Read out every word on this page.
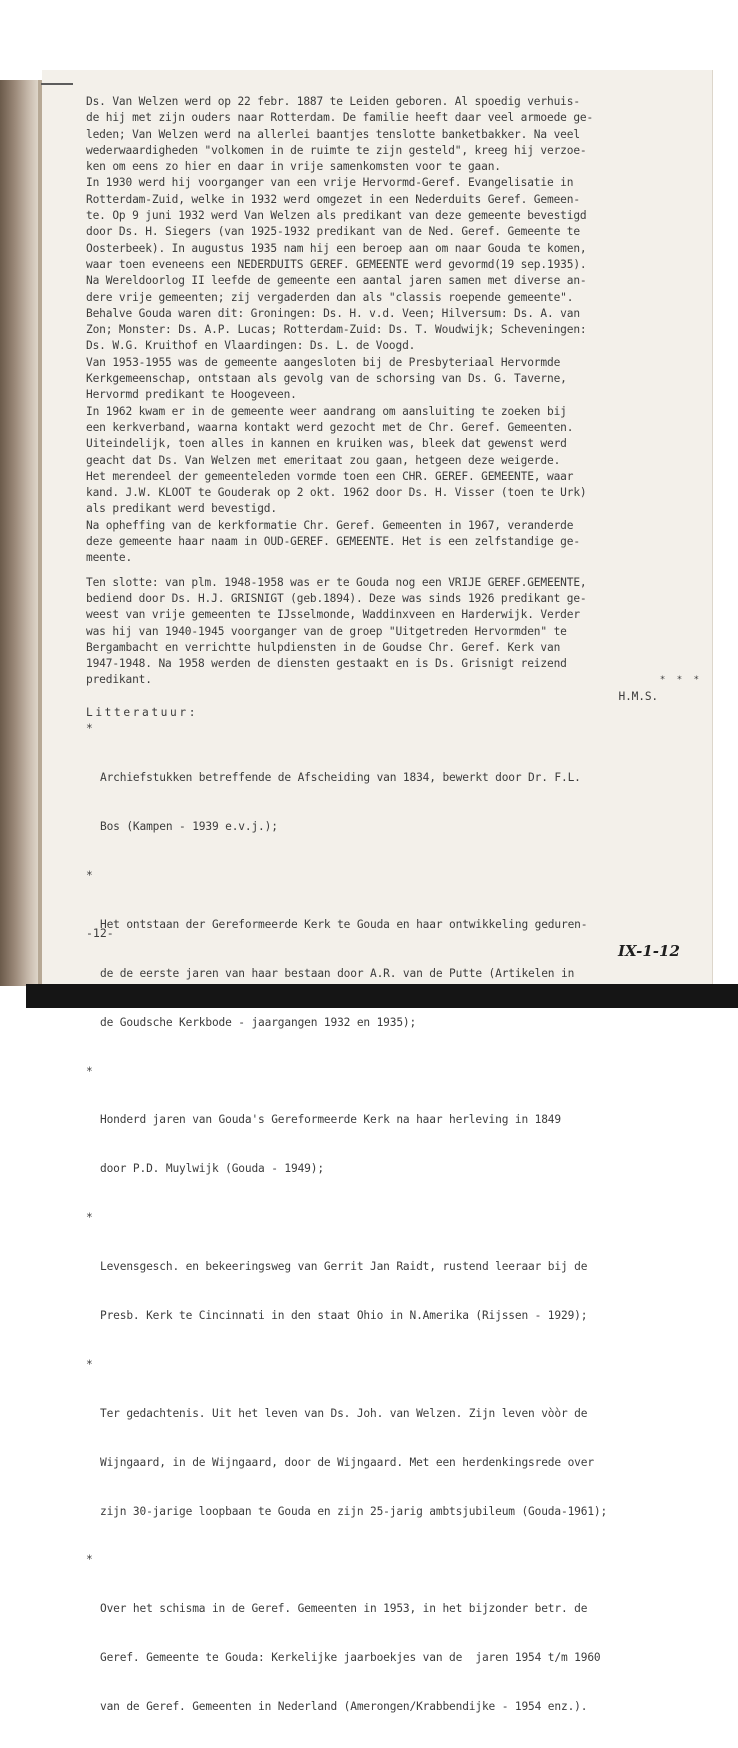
Ds. Van Welzen werd op 22 febr. 1887 te Leiden geboren. Al spoedig verhuis-

de hij met zijn ouders naar Rotterdam. De familie heeft daar veel armoede ge-

leden; Van Welzen werd na allerlei baantjes tenslotte banketbakker. Na veel

wederwaardigheden "volkomen in de ruimte te zijn gesteld", kreeg hij verzoe-

ken om eens zo hier en daar in vrije samenkomsten voor te gaan.

In 1930 werd hij voorganger van een vrije Hervormd-Geref. Evangelisatie in

Rotterdam-Zuid, welke in 1932 werd omgezet in een Nederduits Geref. Gemeen-

te. Op 9 juni 1932 werd Van Welzen als predikant van deze gemeente bevestigd

door Ds. H. Siegers (van 1925-1932 predikant van de Ned. Geref. Gemeente te

Oosterbeek). In augustus 1935 nam hij een beroep aan om naar Gouda te komen,

waar toen eveneens een NEDERDUITS GEREF. GEMEENTE werd gevormd(19 sep.1935).

Na Wereldoorlog II leefde de gemeente een aantal jaren samen met diverse an-

dere vrije gemeenten; zij vergaderden dan als "classis roepende gemeente".

Behalve Gouda waren dit: Groningen: Ds. H. v.d. Veen; Hilversum: Ds. A. van

Zon; Monster: Ds. A.P. Lucas; Rotterdam-Zuid: Ds. T. Woudwijk; Scheveningen:

Ds. W.G. Kruithof en Vlaardingen: Ds. L. de Voogd.

Van 1953-1955 was de gemeente aangesloten bij de Presbyteriaal Hervormde

Kerkgemeenschap, ontstaan als gevolg van de schorsing van Ds. G. Taverne,

Hervormd predikant te Hoogeveen.

In 1962 kwam er in de gemeente weer aandrang om aansluiting te zoeken bij

een kerkverband, waarna kontakt werd gezocht met de Chr. Geref. Gemeenten.

Uiteindelijk, toen alles in kannen en kruiken was, bleek dat gewenst werd

geacht dat Ds. Van Welzen met emeritaat zou gaan, hetgeen deze weigerde.

Het merendeel der gemeenteleden vormde toen een CHR. GEREF. GEMEENTE, waar

kand. J.W. KLOOT te Gouderak op 2 okt. 1962 door Ds. H. Visser (toen te Urk)

als predikant werd bevestigd.

Na opheffing van de kerkformatie Chr. Geref. Gemeenten in 1967, veranderde

deze gemeente haar naam in OUD-GEREF. GEMEENTE. Het is een zelfstandige ge-

meente.

Ten slotte: van plm. 1948-1958 was er te Gouda nog een VRIJE GEREF.GEMEENTE,

bediend door Ds. H.J. GRISNIGT (geb.1894). Deze was sinds 1926 predikant ge-

weest van vrije gemeenten te IJsselmonde, Waddinxveen en Harderwijk. Verder

was hij van 1940-1945 voorganger van de groep "Uitgetreden Hervormden" te

Bergambacht en verrichtte hulpdiensten in de Goudse Chr. Geref. Kerk van

1947-1948. Na 1958 werden de diensten gestaakt en is Ds. Grisnigt reizend

predikant.	* * *
H.M.S.

Litteratuur:

*

Archiefstukken betreffende de Afscheiding van 1834, bewerkt door Dr. F.L.

Bos (Kampen - 1939 e.v.j.);

*

Het ontstaan der Gereformeerde Kerk te Gouda en haar ontwikkeling geduren-

de de eerste jaren van haar bestaan door A.R. van de Putte (Artikelen in

de Goudsche Kerkbode - jaargangen 1932 en 1935);

*

Honderd jaren van Gouda's Gereformeerde Kerk na haar herleving in 1849

door P.D. Muylwijk (Gouda - 1949);

*

Levensgesch. en bekeeringsweg van Gerrit Jan Raidt, rustend leeraar bij de

Presb. Kerk te Cincinnati in den staat Ohio in N.Amerika (Rijssen - 1929);

*

Ter gedachtenis. Uit het leven van Ds. Joh. van Welzen. Zijn leven vòòr de

Wijngaard, in de Wijngaard, door de Wijngaard. Met een herdenkingsrede over

zijn 30-jarige loopbaan te Gouda en zijn 25-jarig ambtsjubileum (Gouda-1961);

*

Over het schisma in de Geref. Gemeenten in 1953, in het bijzonder betr. de

Geref. Gemeente te Gouda: Kerkelijke jaarboekjes van de  jaren 1954 t/m 1960

van de Geref. Gemeenten in Nederland (Amerongen/Krabbendijke - 1954 enz.).

-12-
IX-1-12
